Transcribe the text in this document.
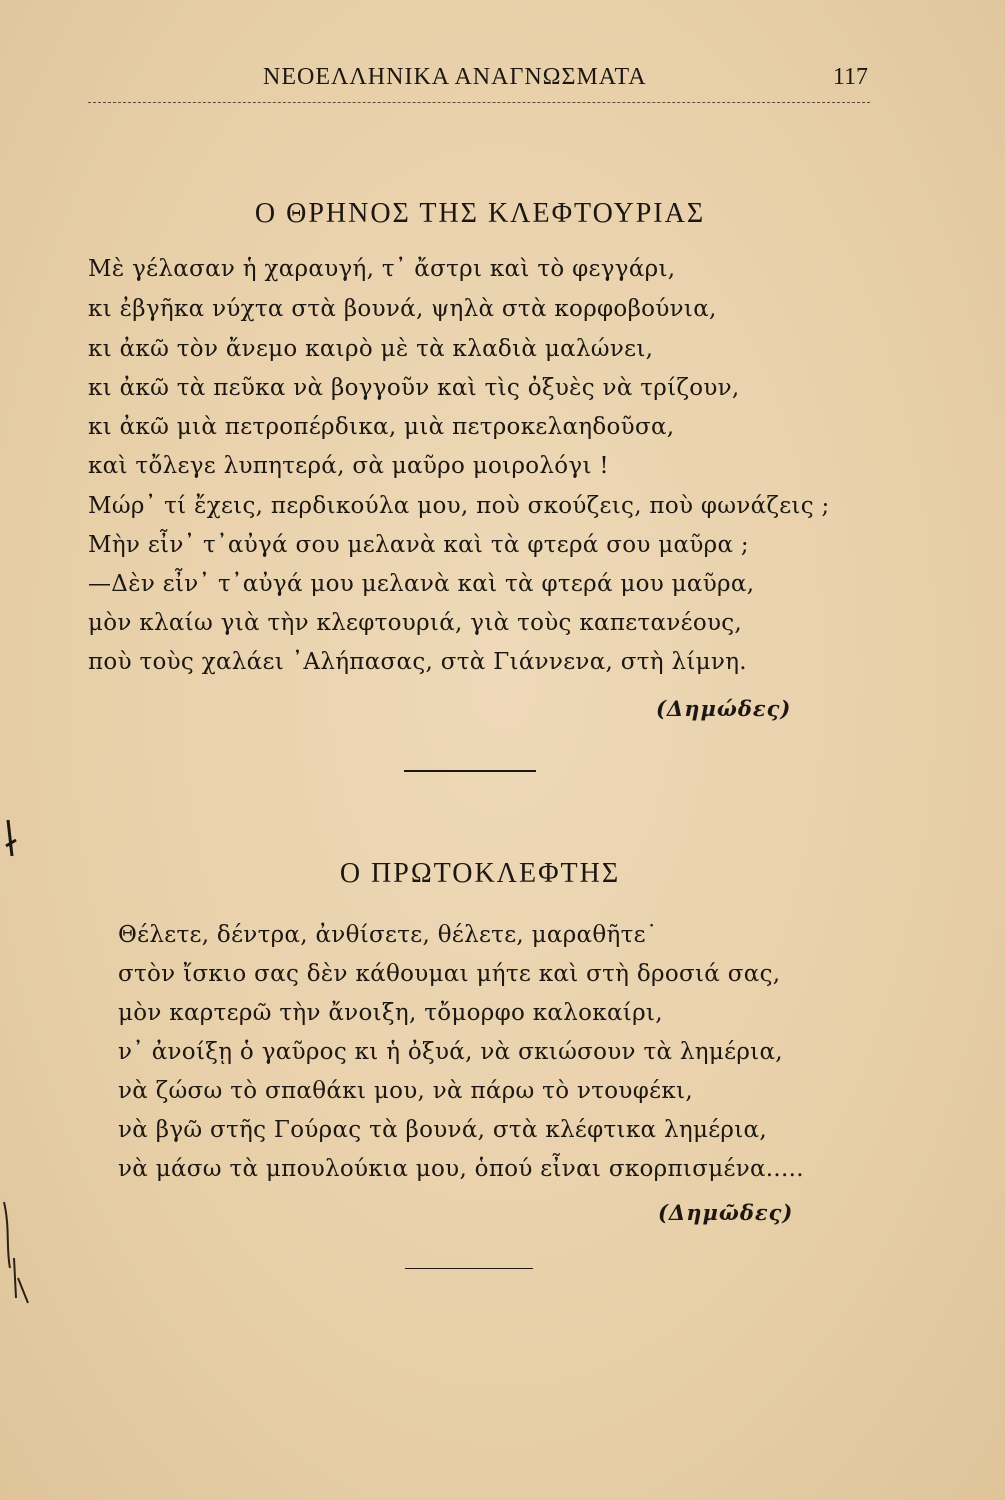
ΝΕΟΕΛΛΗΝΙΚΑ ΑΝΑΓΝΩΣΜΑΤΑ	117
Ο ΘΡΗΝΟΣ ΤΗΣ ΚΛΕΦΤΟΥΡΙΑΣ
Μὲ γέλασαν ἡ χαραυγή, τ᾽ ἄστρι καὶ τὸ φεγγάρι,
κι ἐβγῆκα νύχτα στὰ βουνά, ψηλὰ στὰ κορφοβούνια,
κι ἀκῶ τὸν ἄνεμο καιρὸ μὲ τὰ κλαδιὰ μαλώνει,
κι ἀκῶ τὰ πεῦκα νὰ βογγοῦν καὶ τὶς ὀξυὲς νὰ τρίζουν,
κι ἀκῶ μιὰ πετροπέρδικα, μιὰ πετροκελαηδοῦσα,
καὶ τὄλεγε λυπητερά, σὰ μαῦρο μοιρολόγι !
Μώρ᾽ τί ἔχεις, περδικούλα μου, ποὺ σκούζεις, ποὺ φωνάζεις ;
Μὴν εἶν᾽ τ᾽αὐγά σου μελανὰ καὶ τὰ φτερά σου μαῦρα ;
—Δὲν εἶν᾽ τ᾽αὐγά μου μελανὰ καὶ τὰ φτερά μου μαῦρα,
μὸν κλαίω γιὰ τὴν κλεφτουριά, γιὰ τοὺς καπετανέους,
ποὺ τοὺς χαλάει ᾽Αλήπασας, στὰ Γιάννενα, στὴ λίμνη.
(Δημώδες)
Ο ΠΡΩΤΟΚΛΕΦΤΗΣ
Θέλετε, δέντρα, ἀνθίσετε, θέλετε, μαραθῆτε˙
στὸν ἴσκιο σας δὲν κάθουμαι μήτε καὶ στὴ δροσιά σας,
μὸν καρτερῶ τὴν ἄνοιξη, τὄμορφο καλοκαίρι,
ν᾽ ἀνοίξῃ ὁ γαῦρος κι ἡ ὀξυά, νὰ σκιώσουν τὰ λημέρια,
νὰ ζώσω τὸ σπαθάκι μου, νὰ πάρω τὸ ντουφέκι,
νὰ βγῶ στῆς Γούρας τὰ βουνά, στὰ κλέφτικα λημέρια,
νὰ μάσω τὰ μπουλούκια μου, ὁπού εἶναι σκορπισμένα.....
(Δημῶδες)
